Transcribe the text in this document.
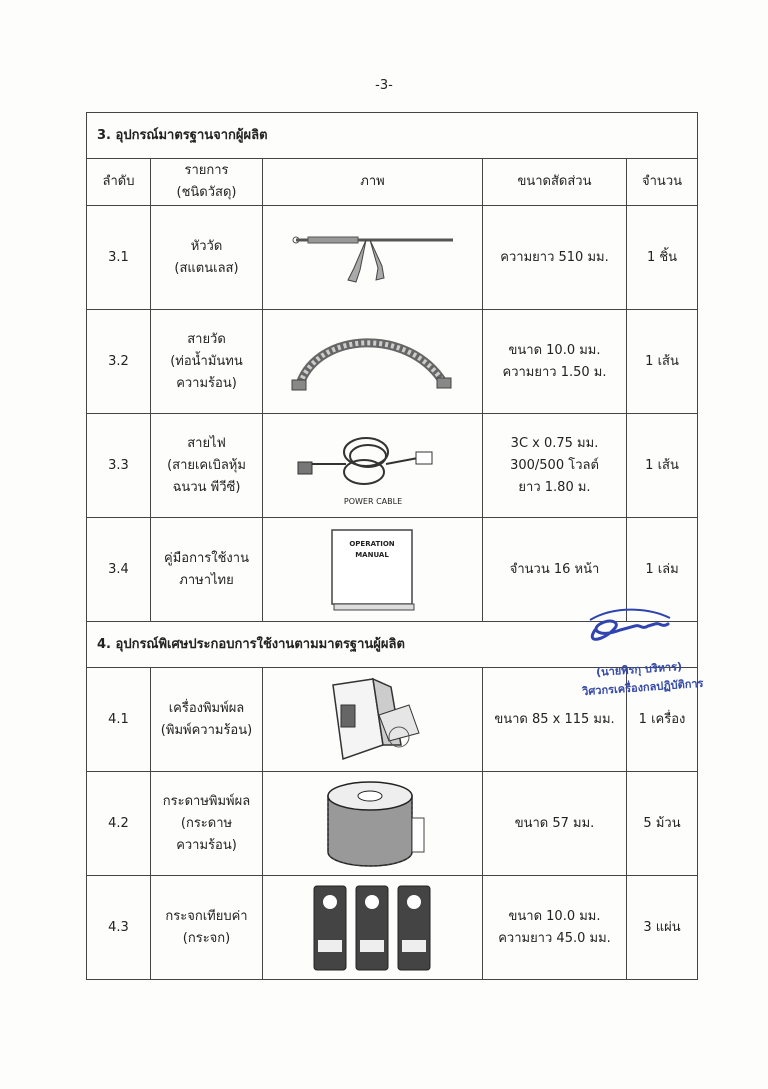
-3-
3. อุปกรณ์มาตรฐานจากผู้ผลิต				
ลำดับ	รายการ
(ชนิดวัสดุ)	ภาพ	ขนาดสัดส่วน	จำนวน
3.1	หัววัด
(สแตนเลส)		ความยาว 510 มม.	1 ชิ้น
3.2	สายวัด
(ท่อน้ำมันทน
ความร้อน)		ขนาด 10.0 มม.
ความยาว 1.50 ม.	1 เส้น
3.3	สายไฟ
(สายเคเบิลหุ้ม
ฉนวน พีวีซี)	POWER CABLE	3C x 0.75 มม.
300/500 โวลต์
ยาว 1.80 ม.	1 เส้น
3.4	คู่มือการใช้งาน
ภาษาไทย	OPERATION
MANUAL	จำนวน 16 หน้า	1 เล่ม
4. อุปกรณ์พิเศษประกอบการใช้งานตามมาตรฐานผู้ผลิต				
4.1	เครื่องพิมพ์ผล
(พิมพ์ความร้อน)		ขนาด 85 x 115 มม.	1 เครื่อง
4.2	กระดาษพิมพ์ผล
(กระดาษ
ความร้อน)		ขนาด 57 มม.	5 ม้วน
4.3	กระจกเทียบค่า
(กระจก)		ขนาด 10.0 มม.
ความยาว 45.0 มม.	3 แผ่น
(นายพิรกุ บริหาร)
วิศวกรเครื่องกลปฏิบัติการ
